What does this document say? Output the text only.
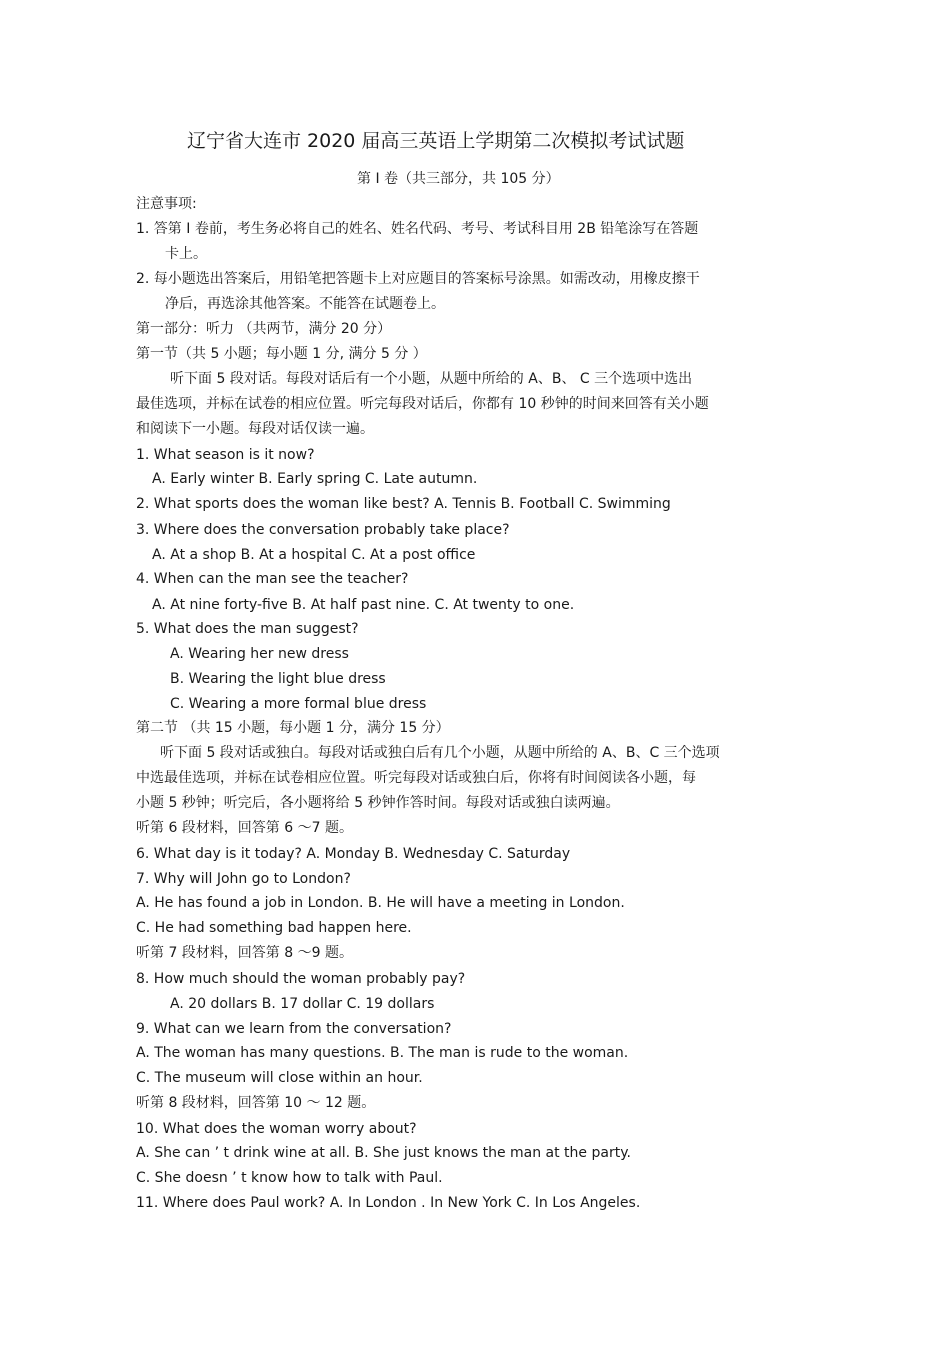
辽宁省大连市 2020 届高三英语上学期第二次模拟考试试题
第 I 卷（共三部分，共 105 分）
注意事项:
1. 答第 I 卷前，考生务必将自己的姓名、姓名代码、考号、考试科目用 2B 铅笔涂写在答题
卡上。
2. 每小题选出答案后，用铅笔把答题卡上对应题目的答案标号涂黑。如需改动，用橡皮擦干
净后，再选涂其他答案。不能答在试题卷上。
第一部分：听力 （共两节，满分 20 分）
第一节（共 5 小题；每小题 1 分, 满分 5 分 ）
听下面 5 段对话。每段对话后有一个小题，从题中所给的 A、B、 C 三个选项中选出
最佳选项，并标在试卷的相应位置。听完每段对话后，你都有 10 秒钟的时间来回答有关小题
和阅读下一小题。每段对话仅读一遍。
1. What season is it now?
A. Early winter B. Early spring C. Late autumn.
2. What sports does the woman like best? A. Tennis B. Football C. Swimming
3. Where does the conversation probably take place?
A. At a shop B. At a hospital C. At a post office
4. When can the man see the teacher?
A. At nine forty-five B. At half past nine. C. At twenty to one.
5. What does the man suggest?
A. Wearing her new dress
B. Wearing the light blue dress
C. Wearing a more formal blue dress
第二节 （共 15 小题，每小题 1 分，满分 15 分）
听下面 5 段对话或独白。每段对话或独白后有几个小题，从题中所给的 A、B、C 三个选项
中选最佳选项，并标在试卷相应位置。听完每段对话或独白后，你将有时间阅读各小题，每
小题 5 秒钟；听完后，各小题将给 5 秒钟作答时间。每段对话或独白读两遍。
听第 6 段材料，回答第 6 ～7 题。
6. What day is it today? A. Monday B. Wednesday C. Saturday
7. Why will John go to London?
A. He has found a job in London. B. He will have a meeting in London.
C. He had something bad happen here.
听第 7 段材料，回答第 8 ～9 题。
8. How much should the woman probably pay?
A. 20 dollars B. 17 dollar C. 19 dollars
9. What can we learn from the conversation?
A. The woman has many questions. B. The man is rude to the woman.
C. The museum will close within an hour.
听第 8 段材料，回答第 10 ～ 12 题。
10. What does the woman worry about?
A. She can ’ t drink wine at all. B. She just knows the man at the party.
C. She doesn ’ t know how to talk with Paul.
11. Where does Paul work? A. In London . In New York C. In Los Angeles.
